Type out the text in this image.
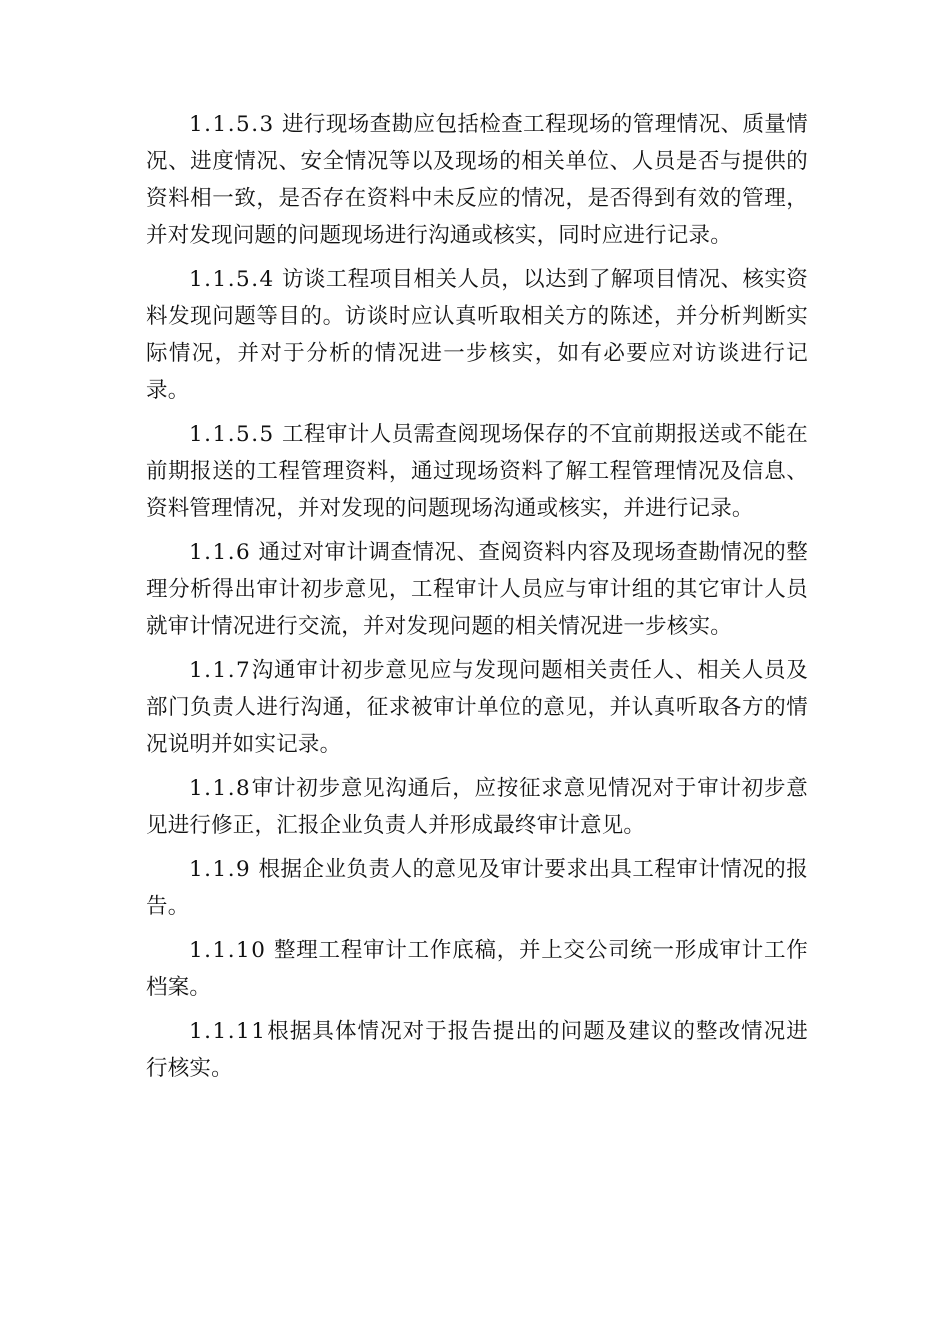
1.1.5.3 进行现场查勘应包括检查工程现场的管理情况、质量情况、进度情况、安全情况等以及现场的相关单位、人员是否与提供的资料相一致，是否存在资料中未反应的情况，是否得到有效的管理，并对发现问题的问题现场进行沟通或核实，同时应进行记录。

1.1.5.4 访谈工程项目相关人员，以达到了解项目情况、核实资料发现问题等目的。访谈时应认真听取相关方的陈述，并分析判断实际情况，并对于分析的情况进一步核实，如有必要应对访谈进行记录。

1.1.5.5 工程审计人员需查阅现场保存的不宜前期报送或不能在前期报送的工程管理资料，通过现场资料了解工程管理情况及信息、资料管理情况，并对发现的问题现场沟通或核实，并进行记录。

1.1.6 通过对审计调查情况、查阅资料内容及现场查勘情况的整理分析得出审计初步意见，工程审计人员应与审计组的其它审计人员就审计情况进行交流，并对发现问题的相关情况进一步核实。

1.1.7沟通审计初步意见应与发现问题相关责任人、相关人员及部门负责人进行沟通，征求被审计单位的意见，并认真听取各方的情况说明并如实记录。

1.1.8审计初步意见沟通后，应按征求意见情况对于审计初步意见进行修正，汇报企业负责人并形成最终审计意见。

1.1.9 根据企业负责人的意见及审计要求出具工程审计情况的报告。

1.1.10 整理工程审计工作底稿，并上交公司统一形成审计工作档案。

1.1.11根据具体情况对于报告提出的问题及建议的整改情况进行核实。
